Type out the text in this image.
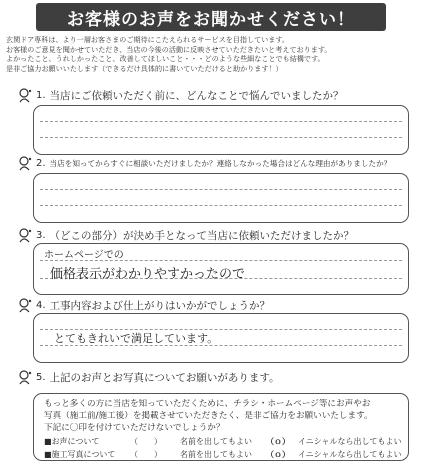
お客様のお声をお聞かせください！
玄関ドア専科は、より一層お客さまのご期待にこたえられるサービスを目指しています。
お客様のご意見を聞かせていただき、当店の今後の活動に反映させていただきたいと考えております。
よかったこと、うれしかったこと、改善してほしいこと・・・どのような些細なことでも結構です。
是非ご協力お願いいたします（できるだけ具体的に書いていただけると助かります！）
1. 当店にご依頼いただく前に、どんなことで悩んでいましたか？
2. 当店を知ってからすぐに相談いただけましたか？連絡しなかった場合はどんな理由がありましたか？
3. （どこの部分）が決め手となって当店に依頼いただけましたか？
ホームページでの
価格表示がわかりやすかったので
4. 工事内容および仕上がりはいかがでしょうか？
とてもきれいで満足しています。
5. 上記のお声とお写真についてお願いがあります。
もっと多くの方に当店を知っていただくために、チラシ・ホームページ等にお声やお
写真（施工前/施工後）を掲載させていただきたく、是非ご協力をお願いいたします。
下記に〇印を付けていただけないでしょうか？
■お声について	（　　）	名前を出してもよい	（ｏ）	イニシャルなら出してもよい
■施工写真について	（　　）	名前を出してもよい	（ｏ）	イニシャルなら出してもよい
